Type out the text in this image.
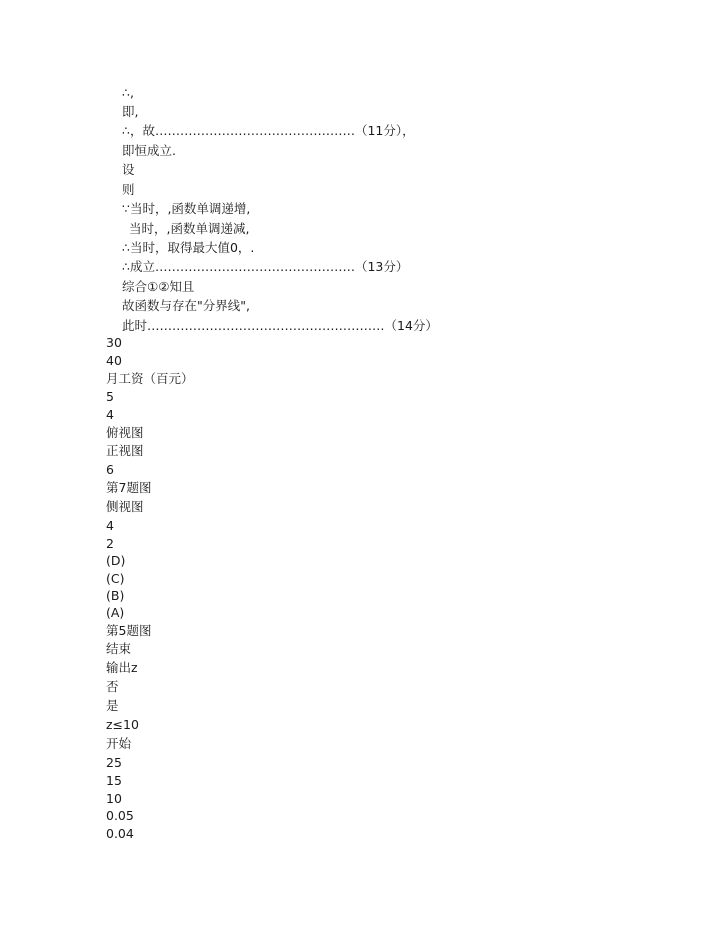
∴,
即,
∴，故…………………………………………（11分），
即恒成立.
设
则
∵当时，,函数单调递增,
当时，,函数单调递减,
∴当时，取得最大值0，.
∴成立…………………………………………（13分）
综合①②知且
故函数与存在"分界线",
此时…………………………………………………（14分）
30
40
月工资（百元）
5
4
俯视图
正视图
6
第7题图
侧视图
4
2
(D)
(C)
(B)
(A)
第5题图
结束
输出z
否
是
z≤10
开始
25
15
10
0.05
0.04
